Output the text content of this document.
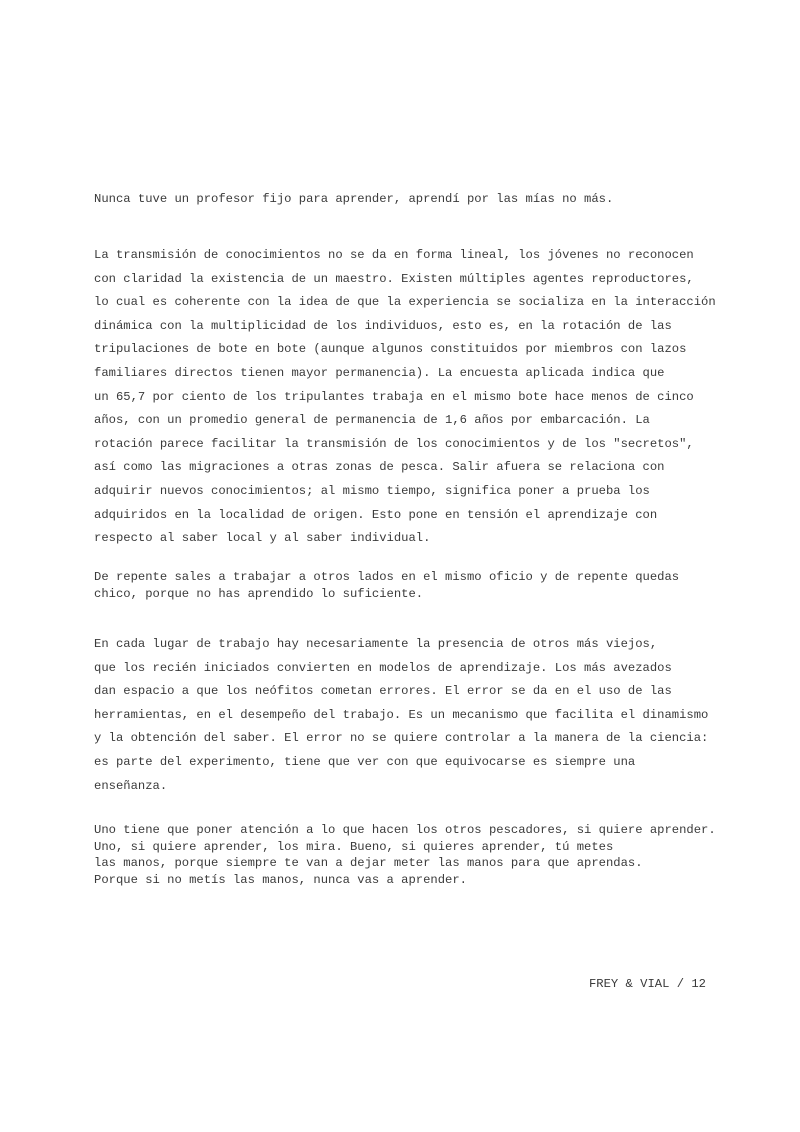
Nunca tuve un profesor fijo para aprender, aprendí por las mías no más.

La transmisión de conocimientos no se da en forma lineal, los jóvenes no reconocen
con claridad la existencia de un maestro. Existen múltiples agentes reproductores,
lo cual es coherente con la idea de que la experiencia se socializa en la interacción
dinámica con la multiplicidad de los individuos, esto es, en la rotación de las
tripulaciones de bote en bote (aunque algunos constituidos por miembros con lazos
familiares directos tienen mayor permanencia). La encuesta aplicada indica que
un 65,7 por ciento de los tripulantes trabaja en el mismo bote hace menos de cinco
años, con un promedio general de permanencia de 1,6 años por embarcación. La
rotación parece facilitar la transmisión de los conocimientos y de los "secretos",
así como las migraciones a otras zonas de pesca. Salir afuera se relaciona con
adquirir nuevos conocimientos; al mismo tiempo, significa poner a prueba los
adquiridos en la localidad de origen. Esto pone en tensión el aprendizaje con
respecto al saber local y al saber individual.

De repente sales a trabajar a otros lados en el mismo oficio y de repente quedas
chico, porque no has aprendido lo suficiente.

En cada lugar de trabajo hay necesariamente la presencia de otros más viejos,
que los recién iniciados convierten en modelos de aprendizaje. Los más avezados
dan espacio a que los neófitos cometan errores. El error se da en el uso de las
herramientas, en el desempeño del trabajo. Es un mecanismo que facilita el dinamismo
y la obtención del saber. El error no se quiere controlar a la manera de la ciencia:
es parte del experimento, tiene que ver con que equivocarse es siempre una
enseñanza.

Uno tiene que poner atención a lo que hacen los otros pescadores, si quiere aprender.
Uno, si quiere aprender, los mira. Bueno, si quieres aprender, tú metes
las manos, porque siempre te van a dejar meter las manos para que aprendas.
Porque si no metís las manos, nunca vas a aprender.

FREY & VIAL / 12
